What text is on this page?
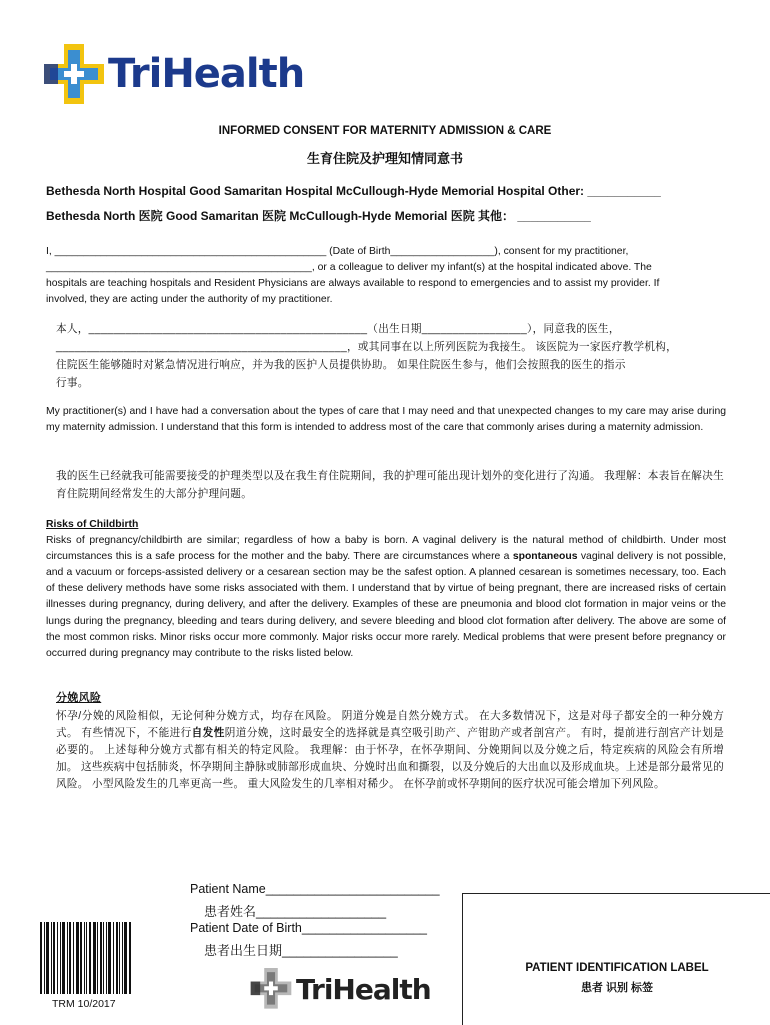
TriHealth
INFORMED CONSENT FOR MATERNITY ADMISSION & CARE
生育住院及护理知情同意书
Bethesda North Hospital Good Samaritan Hospital McCullough-Hyde Memorial Hospital Other: ___________
Bethesda North 医院 Good Samaritan 医院 McCullough-Hyde Memorial 医院 其他： ___________

I, _______________________________________________ (Date of Birth__________________), consent for my practitioner,

______________________________________________, or a colleague to deliver my infant(s) at the hospital indicated above. The

hospitals are teaching hospitals and Resident Physicians are always available to respond to emergencies and to assist my provider. If

involved, they are acting under the authority of my practitioner.

本人，_____________________________________________（出生日期_________________），同意我的医生，

_______________________________________________，或其同事在以上所列医院为我接生。 该医院为一家医疗教学机构，

住院医生能够随时对紧急情况进行响应，并为我的医护人员提供协助。 如果住院医生参与，他们会按照我的医生的指示

行事。

My practitioner(s) and I have had a conversation about the types of care that I may need and that unexpected changes to my care may arise during my maternity admission. I understand that this form is intended to address most of the care that commonly arises during a maternity admission.
我的医生已经就我可能需要接受的护理类型以及在我生育住院期间，我的护理可能出现计划外的变化进行了沟通。 我理解：本表旨在解决生育住院期间经常发生的大部分护理问题。
Risks of Childbirth

Risks of pregnancy/childbirth are similar; regardless of how a baby is born. A vaginal delivery is the natural method of childbirth. Under most circumstances this is a safe process for the mother and the baby. There are circumstances where a spontaneous vaginal delivery is not possible, and a vacuum or forceps-assisted delivery or a cesarean section may be the safest option. A planned cesarean is sometimes necessary, too. Each of these delivery methods have some risks associated with them. I understand that by virtue of being pregnant, there are increased risks of certain illnesses during pregnancy, during delivery, and after the delivery. Examples of these are pneumonia and blood clot formation in major veins or the lungs during the pregnancy, bleeding and tears during delivery, and severe bleeding and blood clot formation after delivery. The above are some of the most common risks. Minor risks occur more commonly. Major risks occur more rarely. Medical problems that were present before pregnancy or occurred during pregnancy may contribute to the risks listed below.

分娩风险

怀孕/分娩的风险相似，无论何种分娩方式，均存在风险。 阴道分娩是自然分娩方式。 在大多数情况下，这是对母子都安全的一种分娩方式。 有些情况下，不能进行自发性阴道分娩，这时最安全的选择就是真空吸引助产、产钳助产或者剖宫产。 有时，提前进行剖宫产计划是必要的。 上述每种分娩方式都有相关的特定风险。 我理解：由于怀孕，在怀孕期间、分娩期间以及分娩之后，特定疾病的风险会有所增加。 这些疾病中包括肺炎，怀孕期间主静脉或肺部形成血块、分娩时出血和撕裂，以及分娩后的大出血以及形成血块。上述是部分最常见的风险。 小型风险发生的几率更高一些。 重大风险发生的几率相对稀少。 在怀孕前或怀孕期间的医疗状况可能会增加下列风险。

Patient Name_________________________
患者姓名__________________
Patient Date of Birth__________________
患者出生日期________________
TRM 10/2017	TriHealth
PATIENT IDENTIFICATION LABEL
患者 识别 标签
